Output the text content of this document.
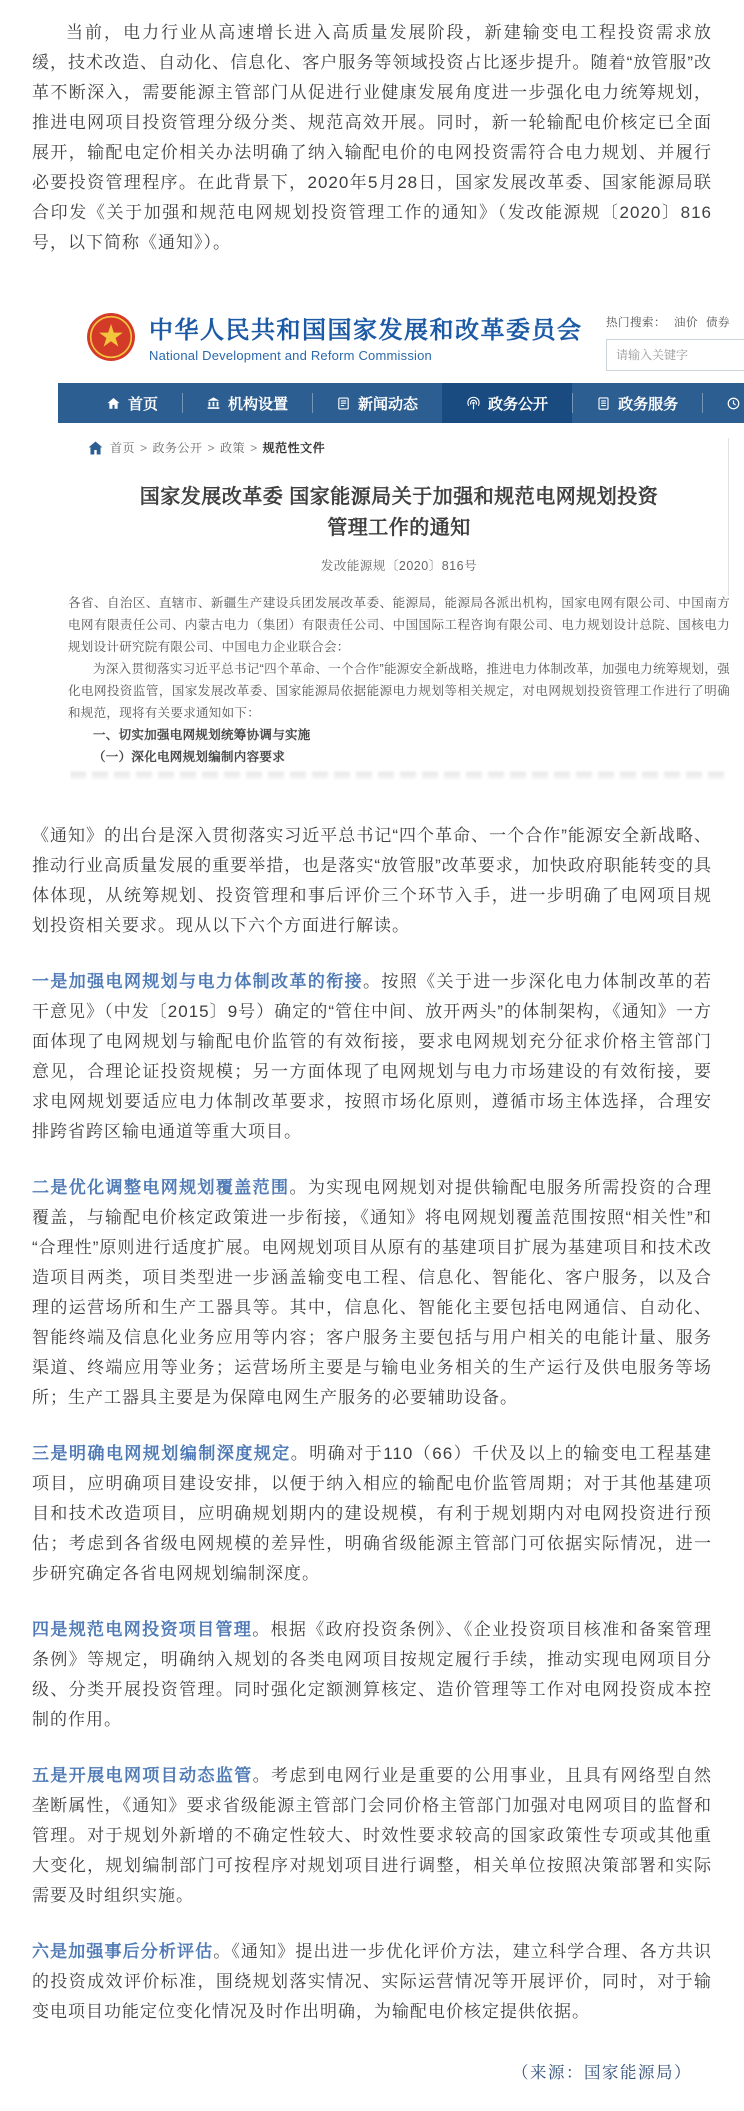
当前，电力行业从高速增长进入高质量发展阶段，新建输变电工程投资需求放缓，技术改造、自动化、信息化、客户服务等领域投资占比逐步提升。随着“放管服”改革不断深入，需要能源主管部门从促进行业健康发展角度进一步强化电力统筹规划，推进电网项目投资管理分级分类、规范高效开展。同时，新一轮输配电价核定已全面展开，输配电定价相关办法明确了纳入输配电价的电网投资需符合电力规划、并履行必要投资管理程序。在此背景下，2020年5月28日，国家发展改革委、国家能源局联合印发《关于加强和规范电网规划投资管理工作的通知》（发改能源规〔2020〕816号，以下简称《通知》）。

中华人民共和国国家发展和改革委员会
National Development and Reform Commission
热门搜索： 油价 债券
请输入关键字
首页	机构设置	新闻动态	政务公开	政务服务
首页 > 政务公开 > 政策 > 规范性文件
国家发展改革委 国家能源局关于加强和规范电网规划投资管理工作的通知
发改能源规〔2020〕816号

各省、自治区、直辖市、新疆生产建设兵团发展改革委、能源局，能源局各派出机构，国家电网有限公司、中国南方电网有限责任公司、内蒙古电力（集团）有限责任公司、中国国际工程咨询有限公司、电力规划设计总院、国核电力规划设计研究院有限公司、中国电力企业联合会：

为深入贯彻落实习近平总书记“四个革命、一个合作”能源安全新战略，推进电力体制改革，加强电力统筹规划，强化电网投资监管，国家发展改革委、国家能源局依据能源电力规划等相关规定，对电网规划投资管理工作进行了明确和规范，现将有关要求通知如下：

一、切实加强电网规划统筹协调与实施

（一）深化电网规划编制内容要求

《通知》的出台是深入贯彻落实习近平总书记“四个革命、一个合作”能源安全新战略、推动行业高质量发展的重要举措，也是落实“放管服”改革要求，加快政府职能转变的具体体现，从统筹规划、投资管理和事后评价三个环节入手，进一步明确了电网项目规划投资相关要求。现从以下六个方面进行解读。

一是加强电网规划与电力体制改革的衔接。按照《关于进一步深化电力体制改革的若干意见》（中发〔2015〕9号）确定的“管住中间、放开两头”的体制架构，《通知》一方面体现了电网规划与输配电价监管的有效衔接，要求电网规划充分征求价格主管部门意见，合理论证投资规模；另一方面体现了电网规划与电力市场建设的有效衔接，要求电网规划要适应电力体制改革要求，按照市场化原则，遵循市场主体选择，合理安排跨省跨区输电通道等重大项目。

二是优化调整电网规划覆盖范围。为实现电网规划对提供输配电服务所需投资的合理覆盖，与输配电价核定政策进一步衔接，《通知》将电网规划覆盖范围按照“相关性”和“合理性”原则进行适度扩展。电网规划项目从原有的基建项目扩展为基建项目和技术改造项目两类，项目类型进一步涵盖输变电工程、信息化、智能化、客户服务，以及合理的运营场所和生产工器具等。其中，信息化、智能化主要包括电网通信、自动化、智能终端及信息化业务应用等内容；客户服务主要包括与用户相关的电能计量、服务渠道、终端应用等业务；运营场所主要是与输电业务相关的生产运行及供电服务等场所；生产工器具主要是为保障电网生产服务的必要辅助设备。

三是明确电网规划编制深度规定。明确对于110（66）千伏及以上的输变电工程基建项目，应明确项目建设安排，以便于纳入相应的输配电价监管周期；对于其他基建项目和技术改造项目，应明确规划期内的建设规模，有利于规划期内对电网投资进行预估；考虑到各省级电网规模的差异性，明确省级能源主管部门可依据实际情况，进一步研究确定各省电网规划编制深度。

四是规范电网投资项目管理。根据《政府投资条例》、《企业投资项目核准和备案管理条例》等规定，明确纳入规划的各类电网项目按规定履行手续，推动实现电网项目分级、分类开展投资管理。同时强化定额测算核定、造价管理等工作对电网投资成本控制的作用。

五是开展电网项目动态监管。考虑到电网行业是重要的公用事业，且具有网络型自然垄断属性，《通知》要求省级能源主管部门会同价格主管部门加强对电网项目的监督和管理。对于规划外新增的不确定性较大、时效性要求较高的国家政策性专项或其他重大变化，规划编制部门可按程序对规划项目进行调整，相关单位按照决策部署和实际需要及时组织实施。

六是加强事后分析评估。《通知》提出进一步优化评价方法，建立科学合理、各方共识的投资成效评价标准，围绕规划落实情况、实际运营情况等开展评价，同时，对于输变电项目功能定位变化情况及时作出明确，为输配电价核定提供依据。

（来源：国家能源局）
